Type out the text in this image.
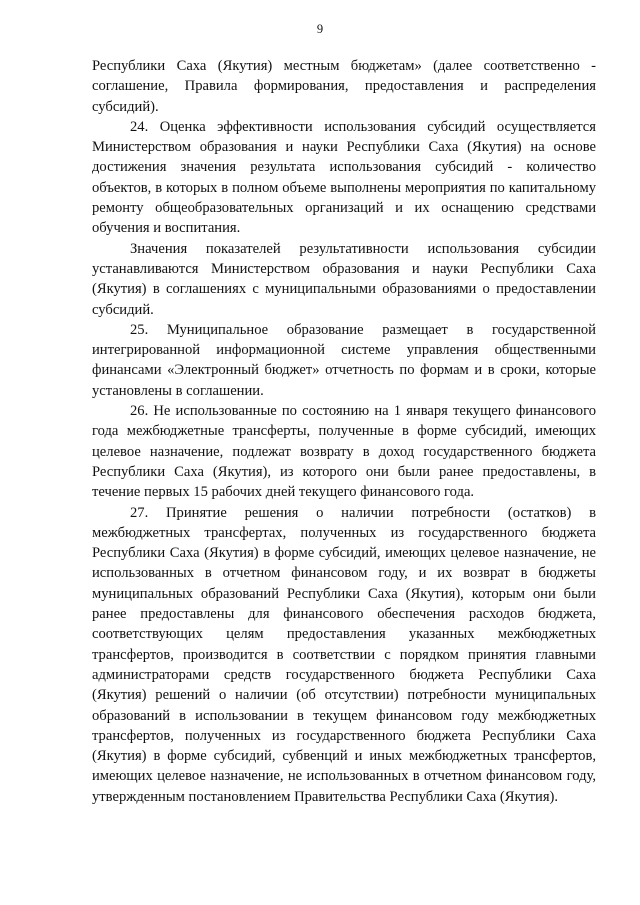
9

Республики Саха (Якутия) местным бюджетам» (далее соответственно - соглашение, Правила формирования, предоставления и распределения субсидий).

24. Оценка эффективности использования субсидий осуществляется Министерством образования и науки Республики Саха (Якутия) на основе достижения значения результата использования субсидий - количество объектов, в которых в полном объеме выполнены мероприятия по капитальному ремонту общеобразовательных организаций и их оснащению средствами обучения и воспитания.

Значения показателей результативности использования субсидии устанавливаются Министерством образования и науки Республики Саха (Якутия) в соглашениях с муниципальными образованиями о предоставлении субсидий.

25. Муниципальное образование размещает в государственной интегрированной информационной системе управления общественными финансами «Электронный бюджет» отчетность по формам и в сроки, которые установлены в соглашении.

26. Не использованные по состоянию на 1 января текущего финансового года межбюджетные трансферты, полученные в форме субсидий, имеющих целевое назначение, подлежат возврату в доход государственного бюджета Республики Саха (Якутия), из которого они были ранее предоставлены, в течение первых 15 рабочих дней текущего финансового года.

27. Принятие решения о наличии потребности (остатков) в межбюджетных трансфертах, полученных из государственного бюджета Республики Саха (Якутия) в форме субсидий, имеющих целевое назначение, не использованных в отчетном финансовом году, и их возврат в бюджеты муниципальных образований Республики Саха (Якутия), которым они были ранее предоставлены для финансового обеспечения расходов бюджета, соответствующих целям предоставления указанных межбюджетных трансфертов, производится в соответствии с порядком принятия главными администраторами средств государственного бюджета Республики Саха (Якутия) решений о наличии (об отсутствии) потребности муниципальных образований в использовании в текущем финансовом году межбюджетных трансфертов, полученных из государственного бюджета Республики Саха (Якутия) в форме субсидий, субвенций и иных межбюджетных трансфертов, имеющих целевое назначение, не использованных в отчетном финансовом году, утвержденным постановлением Правительства Республики Саха (Якутия).
